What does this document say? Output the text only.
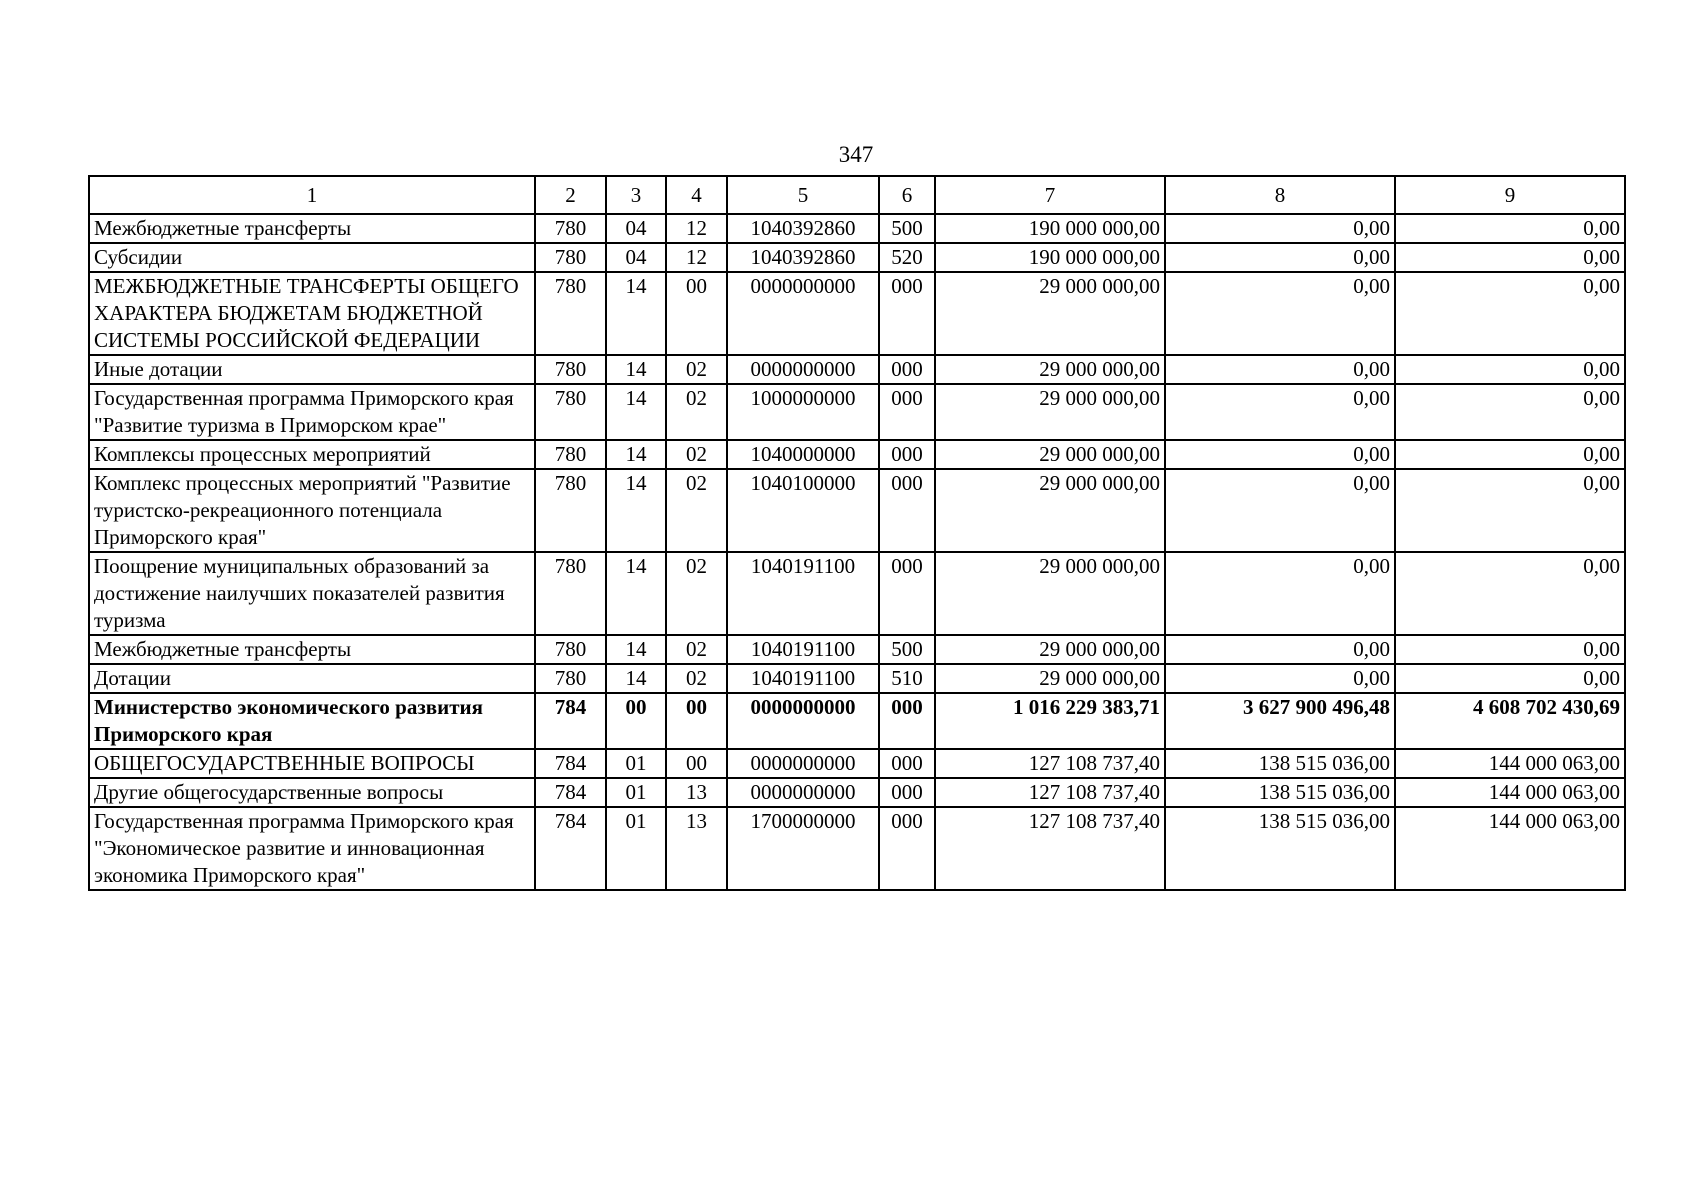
347
1	2	3	4	5	6	7	8	9
Межбюджетные трансферты	780	04	12	1040392860	500	190 000 000,00	0,00	0,00
Субсидии	780	04	12	1040392860	520	190 000 000,00	0,00	0,00
МЕЖБЮДЖЕТНЫЕ ТРАНСФЕРТЫ ОБЩЕГО ХАРАКТЕРА БЮДЖЕТАМ БЮДЖЕТНОЙ СИСТЕМЫ РОССИЙСКОЙ ФЕДЕРАЦИИ	780	14	00	0000000000	000	29 000 000,00	0,00	0,00
Иные дотации	780	14	02	0000000000	000	29 000 000,00	0,00	0,00
Государственная программа Приморского края "Развитие туризма в Приморском крае"	780	14	02	1000000000	000	29 000 000,00	0,00	0,00
Комплексы процессных мероприятий	780	14	02	1040000000	000	29 000 000,00	0,00	0,00
Комплекс процессных мероприятий "Развитие туристско-рекреационного потенциала Приморского края"	780	14	02	1040100000	000	29 000 000,00	0,00	0,00
Поощрение муниципальных образований за достижение наилучших показателей развития туризма	780	14	02	1040191100	000	29 000 000,00	0,00	0,00
Межбюджетные трансферты	780	14	02	1040191100	500	29 000 000,00	0,00	0,00
Дотации	780	14	02	1040191100	510	29 000 000,00	0,00	0,00
Министерство экономического развития Приморского края	784	00	00	0000000000	000	1 016 229 383,71	3 627 900 496,48	4 608 702 430,69
ОБЩЕГОСУДАРСТВЕННЫЕ ВОПРОСЫ	784	01	00	0000000000	000	127 108 737,40	138 515 036,00	144 000 063,00
Другие общегосударственные вопросы	784	01	13	0000000000	000	127 108 737,40	138 515 036,00	144 000 063,00
Государственная программа Приморского края "Экономическое развитие и инновационная экономика Приморского края"	784	01	13	1700000000	000	127 108 737,40	138 515 036,00	144 000 063,00
